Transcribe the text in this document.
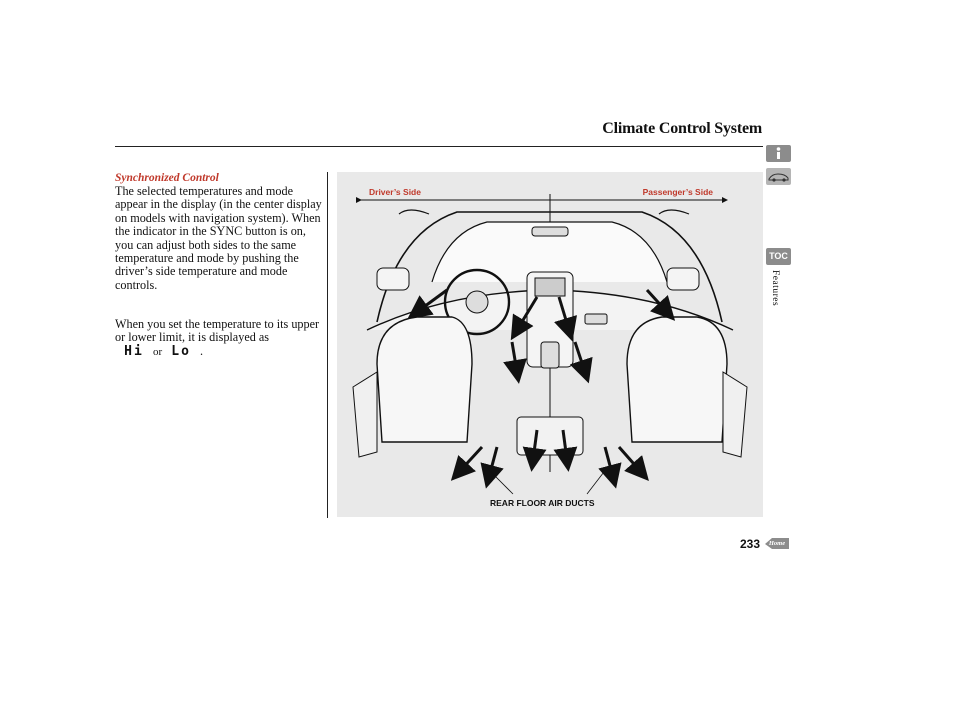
Climate Control System
Synchronized Control

The selected temperatures and mode appear in the display (in the center display on models with navigation system). When the indicator in the SYNC button is on, you can adjust both sides to the same temperature and mode by pushing the driver’s side temperature and mode controls.

When you set the temperature to its upper or lower limit, it is displayed as
Hi or Lo .

Driver’s Side	Passenger’s Side
REAR FLOOR AIR DUCTS
TOC
Features
233	Home
